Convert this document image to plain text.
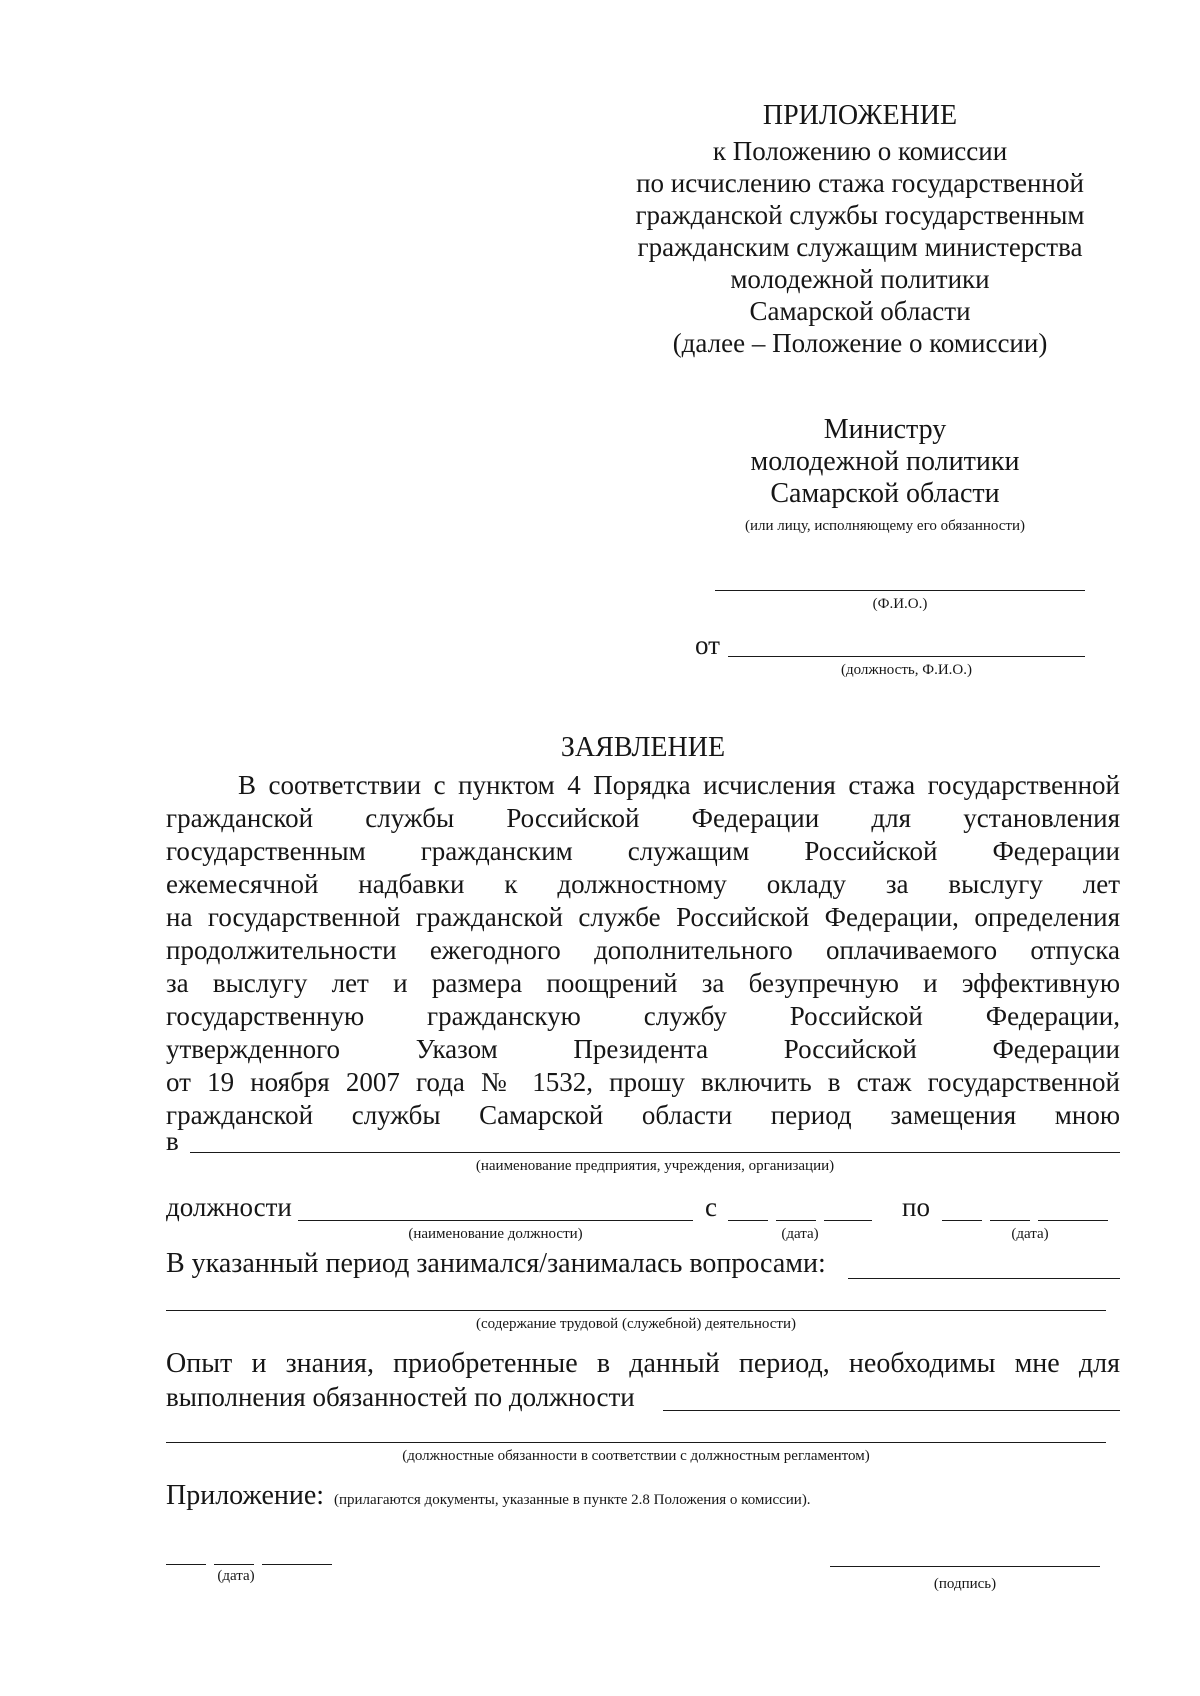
ПРИЛОЖЕНИЕ
к Положению о комиссии
по исчислению стажа государственной
гражданской службы государственным
гражданским служащим министерства
молодежной политики
Самарской области
(далее – Положение о комиссии)
Министру
молодежной политики
Самарской области
(или лицу, исполняющему его обязанности)
(Ф.И.О.)
от
(должность, Ф.И.О.)
ЗАЯВЛЕНИЕ
В соответствии с пунктом 4 Порядка исчисления стажа государственной
гражданской службы Российской Федерации для установления
государственным гражданским служащим Российской Федерации
ежемесячной надбавки к должностному окладу за выслугу лет
на государственной гражданской службе Российской Федерации, определения
продолжительности ежегодного дополнительного оплачиваемого отпуска
за выслугу лет и размера поощрений за безупречную и эффективную
государственную гражданскую службу Российской Федерации,
утвержденного Указом Президента Российской Федерации
от 19 ноября 2007 года № 1532, прошу включить в стаж государственной
гражданской службы Самарской области период замещения мною
в
(наименование предприятия, учреждения, организации)
должности
(наименование должности)
с
(дата)
по
(дата)
В указанный период занимался/занималась вопросами:
(содержание трудовой (служебной) деятельности)
Опыт и знания, приобретенные в данный период, необходимы мне для
выполнения обязанностей по должности
(должностные обязанности в соответствии с должностным регламентом)
Приложение: (прилагаются документы, указанные в пункте 2.8 Положения о комиссии).
(дата)	(подпись)
